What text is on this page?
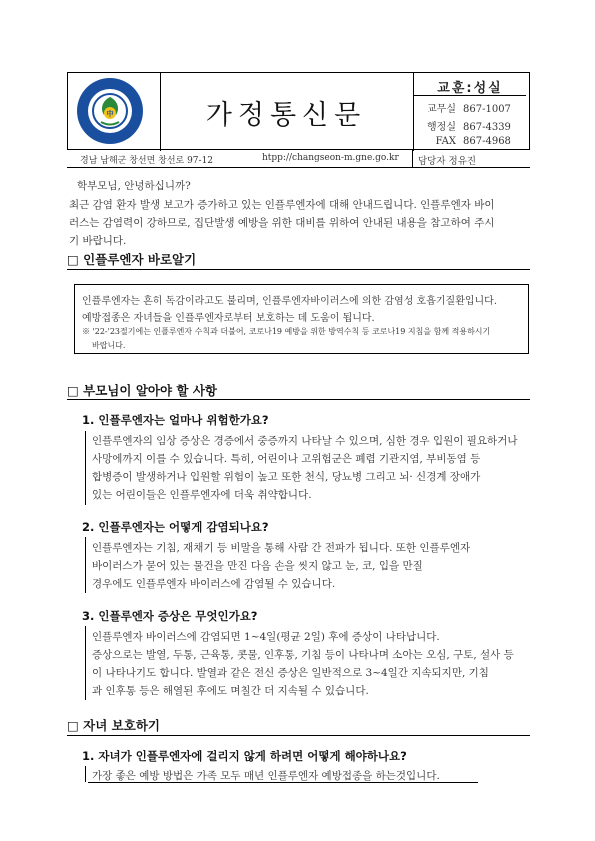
中	가정통신문
교훈:성실
교무실 867-1007
행정실 867-4339
FAX 867-4968
경남 남해군 창선면 창선로 97-12	htpp://changseon-m.gne.go.kr 담당자 정유진
학부모님, 안녕하십니까?
최근 감염 환자 발생 보고가 증가하고 있는 인플루엔자에 대해 안내드립니다. 인플루엔자 바이
러스는 감염력이 강하므로, 집단발생 예방을 위한 대비를 위하여 안내된 내용을 참고하여 주시
기 바랍니다.
□ 인플루엔자 바로알기
인플루엔자는 흔히 독감이라고도 불리며, 인플루엔자바이러스에 의한 감염성 호흡기질환입니다.
예방접종은 자녀들을 인플루엔자로부터 보호하는 데 도움이 됩니다.
※ '22-'23절기에는 인플루엔자 수칙과 더불어, 코로나19 예방을 위한 방역수칙 등 코로나19 지침을 함께 적용하시기
바랍니다.
□ 부모님이 알아야 할 사항
1. 인플루엔자는 얼마나 위험한가요?
인플루엔자의 임상 증상은 경증에서 중증까지 나타날 수 있으며, 심한 경우 입원이 필요하거나
사망에까지 이를 수 있습니다. 특히, 어린이나 고위험군은 폐렴 기관지염, 부비동염 등
합병증이 발생하거나 입원할 위험이 높고 또한 천식, 당뇨병 그리고 뇌· 신경계 장애가
있는 어린이들은 인플루엔자에 더욱 취약합니다.
2. 인플루엔자는 어떻게 감염되나요?
인플루엔자는 기침, 재채기 등 비말을 통해 사람 간 전파가 됩니다. 또한 인플루엔자
바이러스가 묻어 있는 물건을 만진 다음 손을 씻지 않고 눈, 코, 입을 만질
경우에도 인플루엔자 바이러스에 감염될 수 있습니다.
3. 인플루엔자 증상은 무엇인가요?
인플루엔자 바이러스에 감염되면 1~4일(평균 2일) 후에 증상이 나타납니다.
증상으로는 발열, 두통, 근육통, 콧물, 인후통, 기침 등이 나타나며 소아는 오심, 구토, 설사 등
이 나타나기도 합니다. 발열과 같은 전신 증상은 일반적으로 3~4일간 지속되지만, 기침
과 인후통 등은 해열된 후에도 며칠간 더 지속될 수 있습니다.
□ 자녀 보호하기
1. 자녀가 인플루엔자에 걸리지 않게 하려면 어떻게 해야하나요?
가장 좋은 예방 방법은 가족 모두 매년 인플루엔자 예방접종을 하는것입니다.
